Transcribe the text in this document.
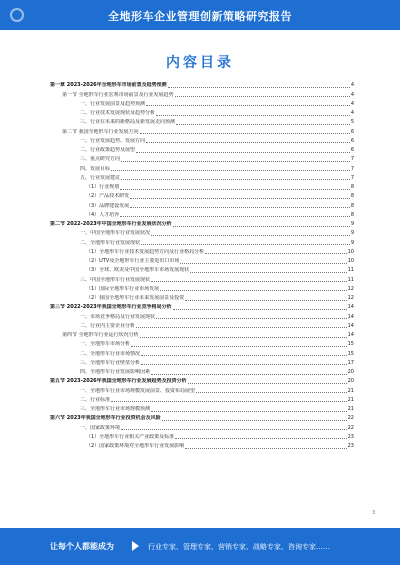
全地形车企业管理创新策略研究报告
内容目录
第一章 2023-2026年全地形车市场前景及趋势预测	4
第一节 全地形车行业宏观市场前景及行业发展趋势	4
一、行业发展前景及趋势预测	4
二、行业技术发展现状及趋势分析	4
三、行业在未来的新格局及新发展走向预测	5
第二节 我国全地形车行业发展方向	6
一、行业发展趋势、发展方向	6
二、行业政策趋势及展望	6
三、重点研究方向	7
四、发展目标	7
五、行业发展建议	7
（1）行业规划	8
（2）产品技术研发	8
（3）品牌建设发展	8
（4）人才培养	8
第二节 2022-2023年中国全地形车行业发展状况分析	9
一、中国全地形车行业发展状况	9
二、全地形车行业发展现状	9
（1）全地形车行业技术发展趋势方向及行业格局分析	10
（2）UTV及全地形车行业主要进出口市场	10
（3）全球、欧美及中国全地形车市场发展现状	11
三、中国全地形车行业发展现状	11
（1）国际全地形车行业市场发展	12
（2）我国全地形车行业未来发展前景及投资	12
第三节 2022-2023年我国全地形车行业竞争格局分析	14
一、市场竞争格局及行业发展现状	14
二、行业内主要企业分析	14
第四节 全地形车行业运行状况分析	14
一、全地形车市场分析	15
二、全地形车行业市场情况	15
三、全地形车行业壁垒分析	17
四、全地形车行业发展影响因素	20
第五节 2023-2026年我国全地形车行业发展趋势及投资分析	20
一、全地形车行业市场规模发展前景、投资布局展望	21
二、行业标准	21
三、全地形车行业市场规模预测	21
第六节 2023年我国全地形车行业投资机会及风险	22
一、国家政策环境	22
（1）全地形车行业相关产业政策及标准	23
（2）国家政策环境对全地形车行业发展影响	23
3
让每个人都能成为	行业专家、管理专家、营销专家、战略专家、咨询专家……
